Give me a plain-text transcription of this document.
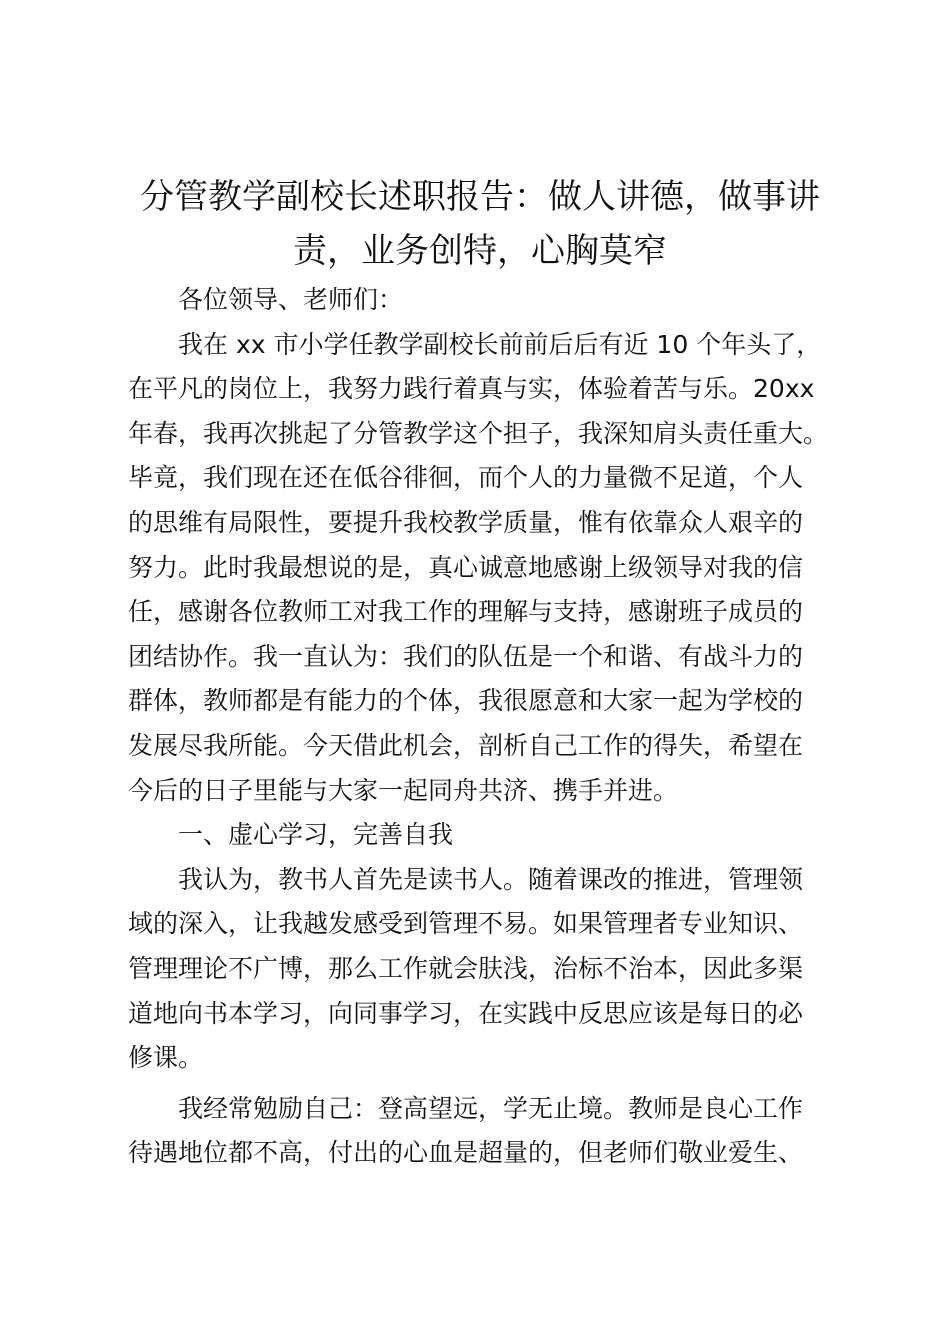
分管教学副校长述职报告：做人讲德，做事讲
责，业务创特，心胸莫窄
各位领导、老师们：
我在 xx 市小学任教学副校长前前后后有近 10 个年头了，
在平凡的岗位上，我努力践行着真与实，体验着苦与乐。20xx
年春，我再次挑起了分管教学这个担子，我深知肩头责任重大。
毕竟，我们现在还在低谷徘徊，而个人的力量微不足道，个人
的思维有局限性，要提升我校教学质量，惟有依靠众人艰辛的
努力。此时我最想说的是，真心诚意地感谢上级领导对我的信
任，感谢各位教师工对我工作的理解与支持，感谢班子成员的
团结协作。我一直认为：我们的队伍是一个和谐、有战斗力的
群体，教师都是有能力的个体，我很愿意和大家一起为学校的
发展尽我所能。今天借此机会，剖析自己工作的得失，希望在
今后的日子里能与大家一起同舟共济、携手并进。
一、虚心学习，完善自我
我认为，教书人首先是读书人。随着课改的推进，管理领
域的深入，让我越发感受到管理不易。如果管理者专业知识、
管理理论不广博，那么工作就会肤浅，治标不治本，因此多渠
道地向书本学习，向同事学习，在实践中反思应该是每日的必
修课。
我经常勉励自己：登高望远，学无止境。教师是良心工作
待遇地位都不高，付出的心血是超量的，但老师们敬业爱生、
